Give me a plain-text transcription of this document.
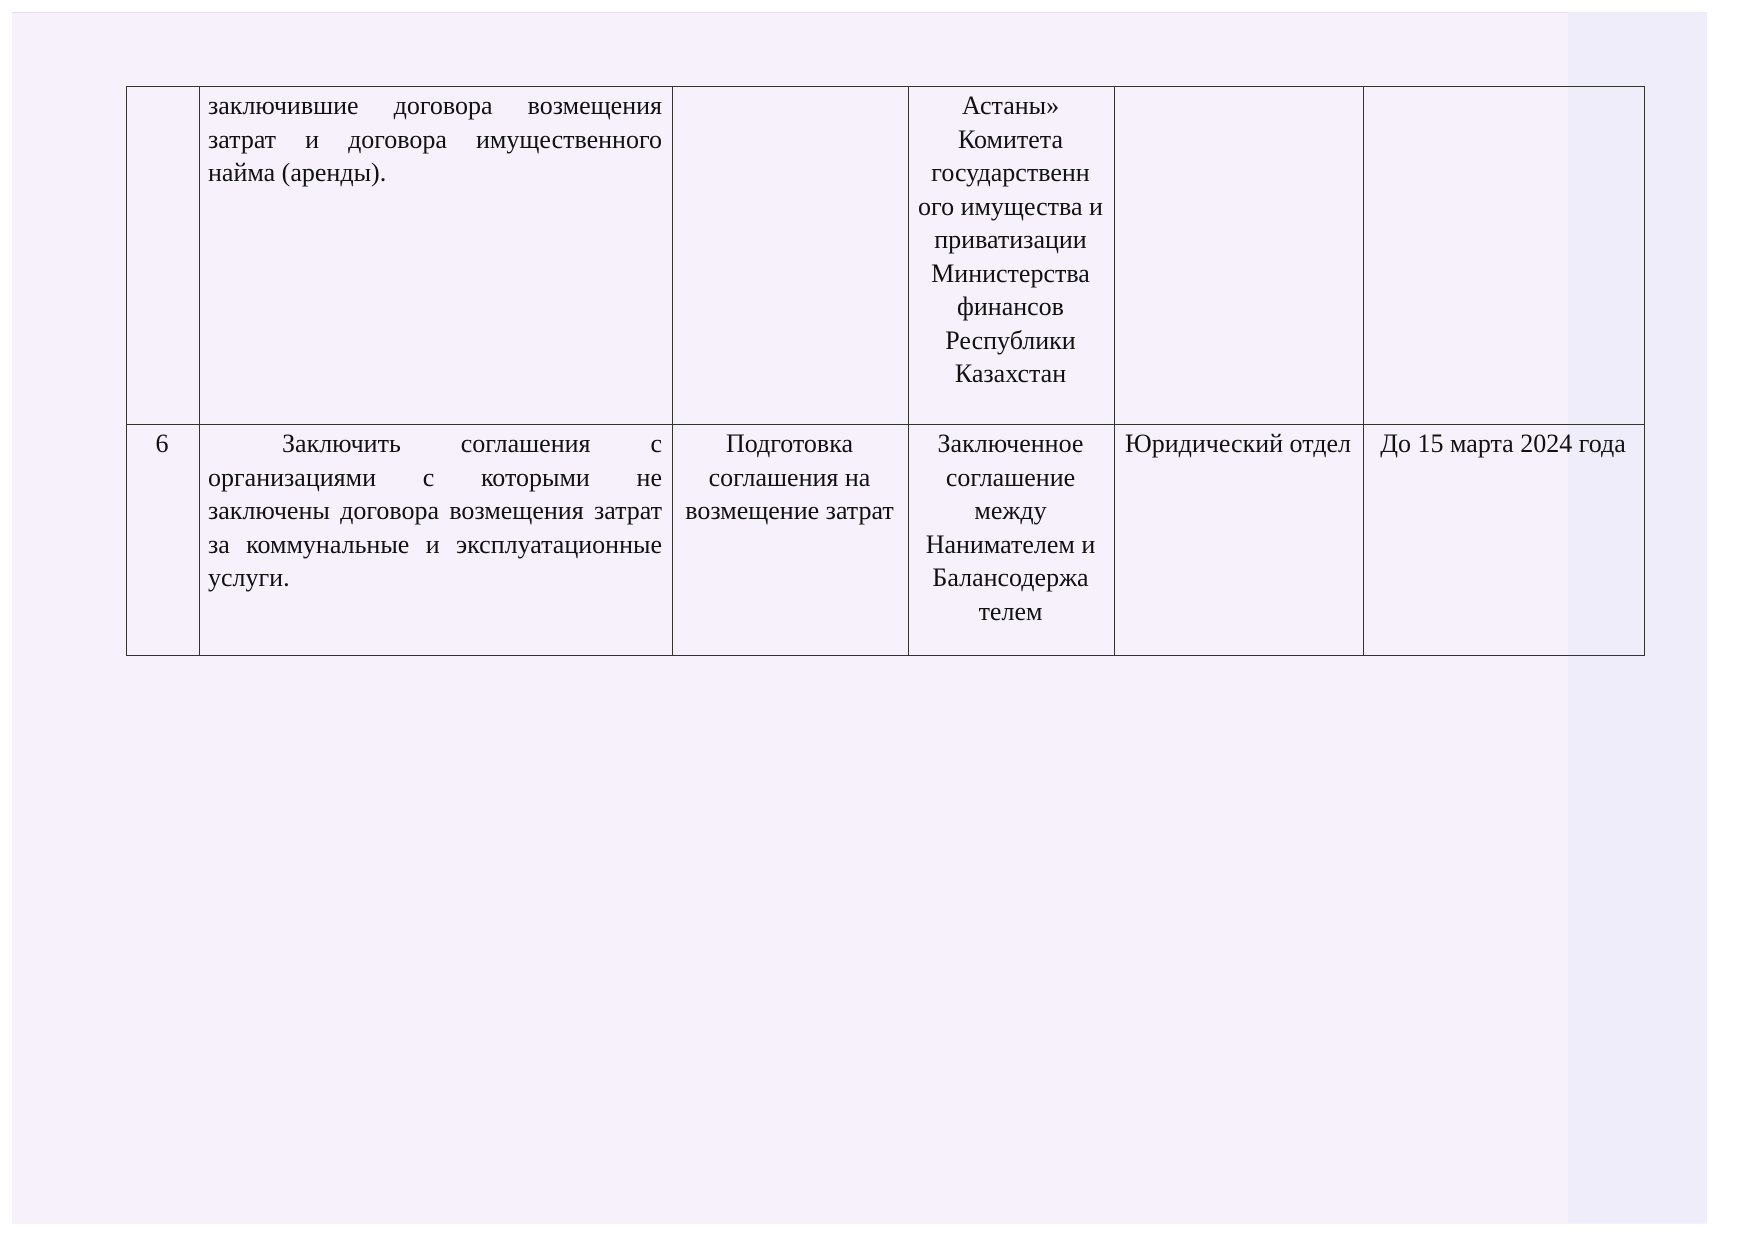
	заключившие договора возмещения затрат и договора имущественного найма (аренды).		Астаны» Комитета государственн ого имущества и приватизации Министерства финансов Республики Казахстан		
6	Заключить соглашения с организациями с которыми не заключены договора возмещения затрат за коммунальные и эксплуатационные услуги.	Подготовка соглашения на возмещение затрат	Заключенное соглашение между Нанимателем и Балансодержа телем	Юридический отдел	До 15 марта 2024 года
